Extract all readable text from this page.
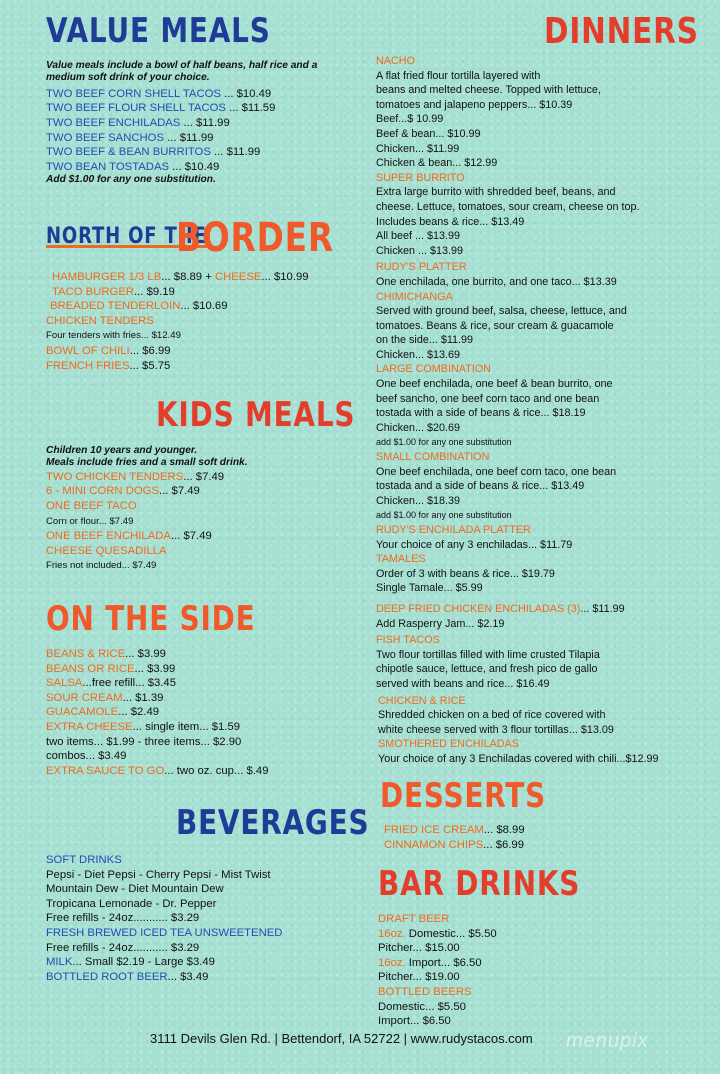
VALUE MEALS
Value meals include a bowl of half beans, half rice and a medium soft drink of your choice.
TWO BEEF CORN SHELL TACOS ... $10.49
TWO BEEF FLOUR SHELL TACOS ... $11.59
TWO BEEF ENCHILADAS ... $11.99
TWO BEEF SANCHOS ... $11.99
TWO BEEF & BEAN BURRITOS ... $11.99
TWO BEAN TOSTADAS ... $10.49
Add $1.00 for any one substitution.
NORTH OF THE
BORDER
HAMBURGER 1/3 LB... $8.89 + CHEESE... $10.99
TACO BURGER... $9.19
BREADED TENDERLOIN... $10.69
CHICKEN TENDERS
Four tenders with fries... $12.49
BOWL OF CHILI... $6.99
FRENCH FRIES... $5.75
KIDS MEALS
Children 10 years and younger.
Meals include fries and a small soft drink.
TWO CHICKEN TENDERS... $7.49
6 - MINI CORN DOGS... $7.49
ONE BEEF TACO
Corn or flour... $7.49
ONE BEEF ENCHILADA... $7.49
CHEESE QUESADILLA
Fries not included... $7.49
ON THE SIDE
BEANS & RICE... $3.99
BEANS OR RICE... $3.99
SALSA...free refill... $3.45
SOUR CREAM... $1.39
GUACAMOLE... $2.49
EXTRA CHEESE... single item... $1.59
two items... $1.99 - three items... $2.90
combos... $3.49
EXTRA SAUCE TO GO... two oz. cup... $.49
BEVERAGES
SOFT DRINKS
Pepsi - Diet Pepsi - Cherry Pepsi - Mist Twist
Mountain Dew - Diet Mountain Dew
Tropicana Lemonade - Dr. Pepper
Free refills - 24oz........... $3.29
FRESH BREWED ICED TEA UNSWEETENED
Free refills - 24oz........... $3.29
MILK... Small $2.19 - Large $3.49
BOTTLED ROOT BEER... $3.49
DINNERS
NACHO
A flat fried flour tortilla layered with
beans and melted cheese. Topped with lettuce,
tomatoes and jalapeno peppers... $10.39
Beef...$ 10.99
Beef & bean... $10.99
Chicken... $11.99
Chicken & bean... $12.99
SUPER BURRITO
Extra large burrito with shredded beef, beans, and
cheese. Lettuce, tomatoes, sour cream, cheese on top.
Includes beans & rice... $13.49
All beef ... $13.99
Chicken ... $13.99
RUDY'S PLATTER
One enchilada, one burrito, and one taco... $13.39
CHIMICHANGA
Served with ground beef, salsa, cheese, lettuce, and
tomatoes. Beans & rice, sour cream & guacamole
on the side... $11.99
Chicken... $13.69
LARGE COMBINATION
One beef enchilada, one beef & bean burrito, one
beef sancho, one beef corn taco and one bean
tostada with a side of beans & rice... $18.19
Chicken... $20.69
add $1.00 for any one substitution
SMALL COMBINATION
One beef enchilada, one beef corn taco, one bean
tostada and a side of beans & rice... $13.49
Chicken... $18.39
add $1.00 for any one substitution
RUDY'S ENCHILADA PLATTER
Your choice of any 3 enchiladas... $11.79
TAMALES
Order of 3 with beans & rice... $19.79
Single Tamale... $5.99
DEEP FRIED CHICKEN ENCHILADAS (3)... $11.99
Add Rasperry Jam... $2.19
FISH TACOS
Two flour tortillas filled with lime crusted Tilapia
chipotle sauce, lettuce, and fresh pico de gallo
served with beans and rice... $16.49
CHICKEN & RICE
Shredded chicken on a bed of rice covered with
white cheese served with 3 flour tortillas... $13.09
SMOTHERED ENCHILADAS
Your choice of any 3 Enchiladas covered with chili...$12.99
DESSERTS
FRIED ICE CREAM... $8.99
CINNAMON CHIPS... $6.99
BAR DRINKS
DRAFT BEER
16oz. Domestic... $5.50
Pitcher... $15.00
16oz. Import... $6.50
Pitcher... $19.00
BOTTLED BEERS
Domestic... $5.50
Import... $6.50
3111 Devils Glen Rd. | Bettendorf, IA 52722 | www.rudystacos.com menupix
